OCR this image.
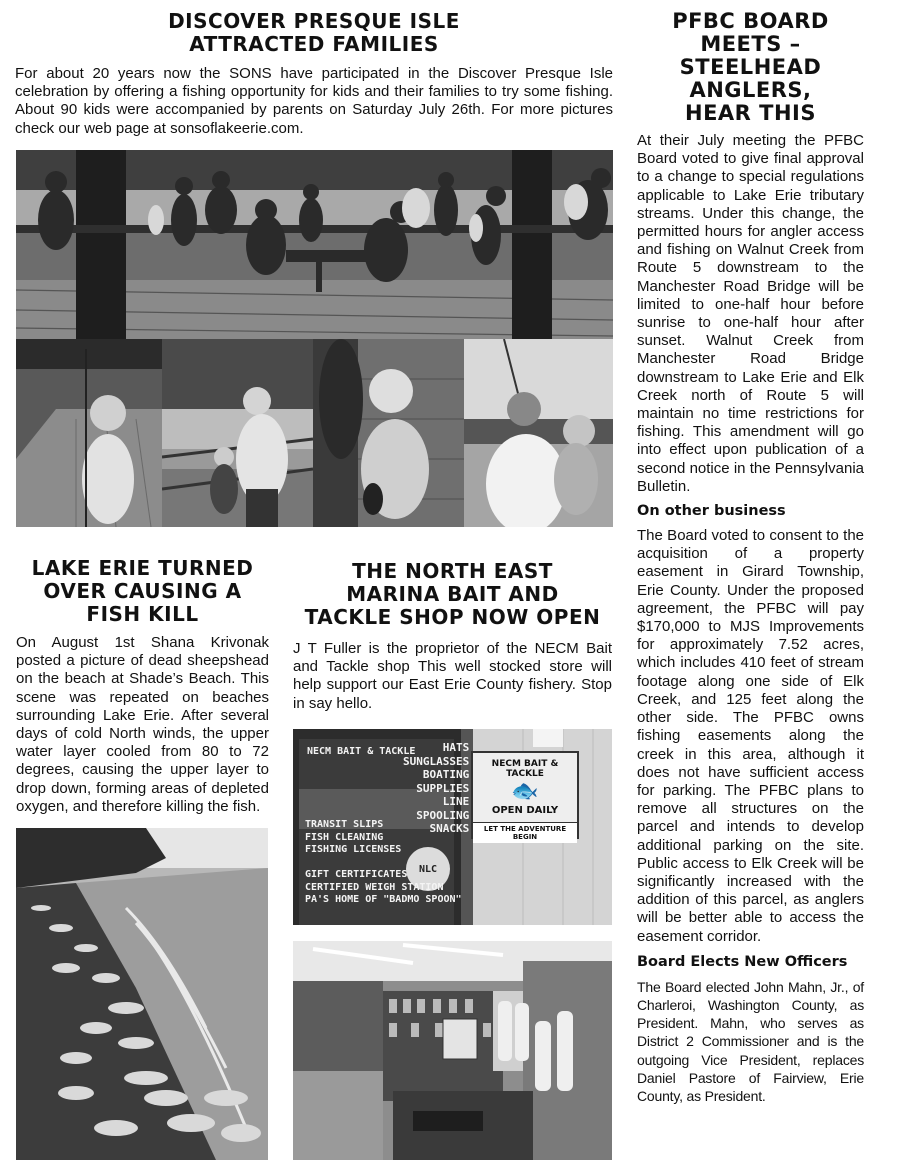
DISCOVER PRESQUE ISLE
ATTRACTED FAMILIES

For about 20 years now the SONS have participated in the Discover Presque Isle celebration by offering a fishing opportunity for kids and their families to try some fishing. About 90 kids were accompanied by parents on Saturday July 26th. For more pictures check our web page at sonsoflakeerie.com.

PFBC BOARD
MEETS –
STEELHEAD
ANGLERS,
HEAR THIS

At their July meeting the PFBC Board voted to give final approval to a change to special regulations applicable to Lake Erie tributary streams. Under this change, the permitted hours for angler access and fishing on Walnut Creek from Route 5 downstream to the Manchester Road Bridge will be limited to one-half hour before sunrise to one-half hour after sunset. Walnut Creek from Manchester Road Bridge downstream to Lake Erie and Elk Creek north of Route 5 will maintain no time restrictions for fishing. This amendment will go into effect upon publication of a second notice in the Pennsylvania Bulletin.

On other business

The Board voted to consent to the acquisition of a property easement in Girard Township, Erie County. Under the proposed agreement, the PFBC will pay $170,000 to MJS Improvements for approximately 7.52 acres, which includes 410 feet of stream footage along one side of Elk Creek, and 125 feet along the other side. The PFBC owns fishing easements along the creek in this area, although it does not have sufficient access for parking. The PFBC plans to remove all structures on the parcel and intends to develop additional parking on the site. Public access to Elk Creek will be significantly increased with the addition of this parcel, as anglers will be better able to access the easement corridor.

Board Elects New Officers

The Board elected John Mahn, Jr., of Charleroi, Washington County, as President. Mahn, who serves as District 2 Commissioner and is the outgoing Vice President, replaces Daniel Pastore of Fairview, Erie County, as President.

LAKE ERIE TURNED
OVER CAUSING A
FISH KILL

On August 1st Shana Krivonak posted a picture of dead sheepshead on the beach at Shade’s Beach. This scene was repeated on beaches surrounding Lake Erie. After several days of cold North winds, the upper water layer cooled from 80 to 72 degrees, causing the upper layer to drop down, forming areas of depleted oxygen, and therefore killing the fish.

THE NORTH EAST
MARINA BAIT AND
TACKLE SHOP NOW OPEN

J T Fuller is the proprietor of the NECM Bait and Tackle shop This well stocked store will help support our East Erie County fishery. Stop in say hello.

NECM BAIT & TACKLE	HATS
SUNGLASSES
BOATING
SUPPLIES
LINE
SPOOLING
SNACKS
TRANSIT SLIPS
FISH CLEANING
FISHING LICENSES

GIFT CERTIFICATES
CERTIFIED WEIGH STATION
PA'S HOME OF "BADMO SPOON"
NLC
NECM BAIT & TACKLE
🐟
OPEN DAILY
LET THE ADVENTURE BEGIN
